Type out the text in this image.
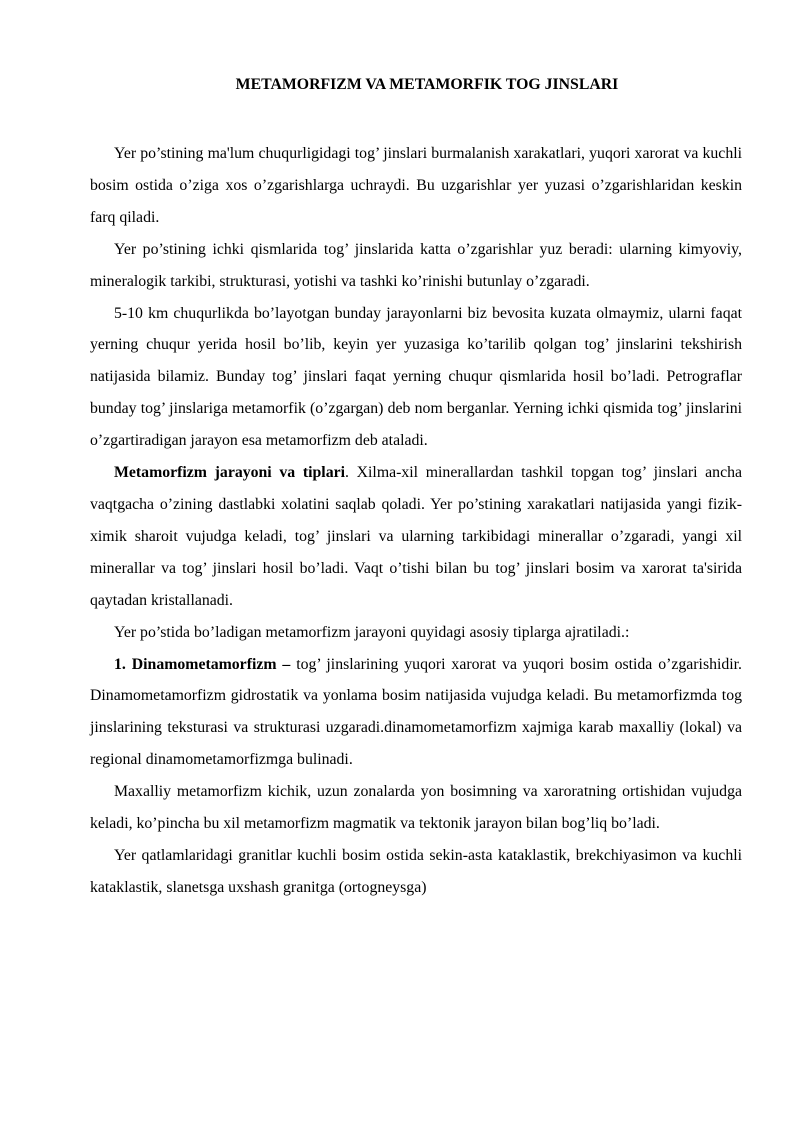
METAMORFIZM VA METAMORFIK TOG JINSLARI

Yer po’stining ma'lum chuqurligidagi tog’ jinslari burmalanish xarakatlari, yuqori xarorat va kuchli bosim ostida o’ziga xos o’zgarishlarga uchraydi. Bu uzgarishlar yer yuzasi o’zgarishlaridan keskin farq qiladi.

Yer po’stining ichki qismlarida tog’ jinslarida katta o’zgarishlar yuz beradi: ularning kimyoviy, mineralogik tarkibi, strukturasi, yotishi va tashki ko’rinishi butunlay o’zgaradi.

5-10 km chuqurlikda bo’layotgan bunday jarayonlarni biz bevosita kuzata olmaymiz, ularni faqat yerning chuqur yerida hosil bo’lib, keyin yer yuzasiga ko’tarilib qolgan tog’ jinslarini tekshirish natijasida bilamiz. Bunday tog’ jinslari faqat yerning chuqur qismlarida hosil bo’ladi. Petrograflar bunday tog’ jinslariga metamorfik (o’zgargan) deb nom berganlar. Yerning ichki qismida tog’ jinslarini o’zgartiradigan jarayon esa metamorfizm deb ataladi.

Metamorfizm jarayoni va tiplari. Xilma-xil minerallardan tashkil topgan tog’ jinslari ancha vaqtgacha o’zining dastlabki xolatini saqlab qoladi. Yer po’stining xarakatlari natijasida yangi fizik-ximik sharoit vujudga keladi, tog’ jinslari va ularning tarkibidagi minerallar o’zgaradi, yangi xil minerallar va tog’ jinslari hosil bo’ladi. Vaqt o’tishi bilan bu tog’ jinslari bosim va xarorat ta'sirida qaytadan kristallanadi.

Yer po’stida bo’ladigan metamorfizm jarayoni quyidagi asosiy tiplarga ajratiladi.:

1. Dinamometamorfizm – tog’ jinslarining yuqori xarorat va yuqori bosim ostida o’zgarishidir. Dinamometamorfizm gidrostatik va yonlama bosim natijasida vujudga keladi. Bu metamorfizmda tog jinslarining teksturasi va strukturasi uzgaradi.dinamometamorfizm xajmiga karab maxalliy (lokal) va regional dinamometamorfizmga bulinadi.

Maxalliy metamorfizm kichik, uzun zonalarda yon bosimning va xaroratning ortishidan vujudga keladi, ko’pincha bu xil metamorfizm magmatik va tektonik jarayon bilan bog’liq bo’ladi.

Yer qatlamlaridagi granitlar kuchli bosim ostida sekin-asta kataklastik, brekchiyasimon va kuchli kataklastik, slanetsga uxshash granitga (ortogneysga)
